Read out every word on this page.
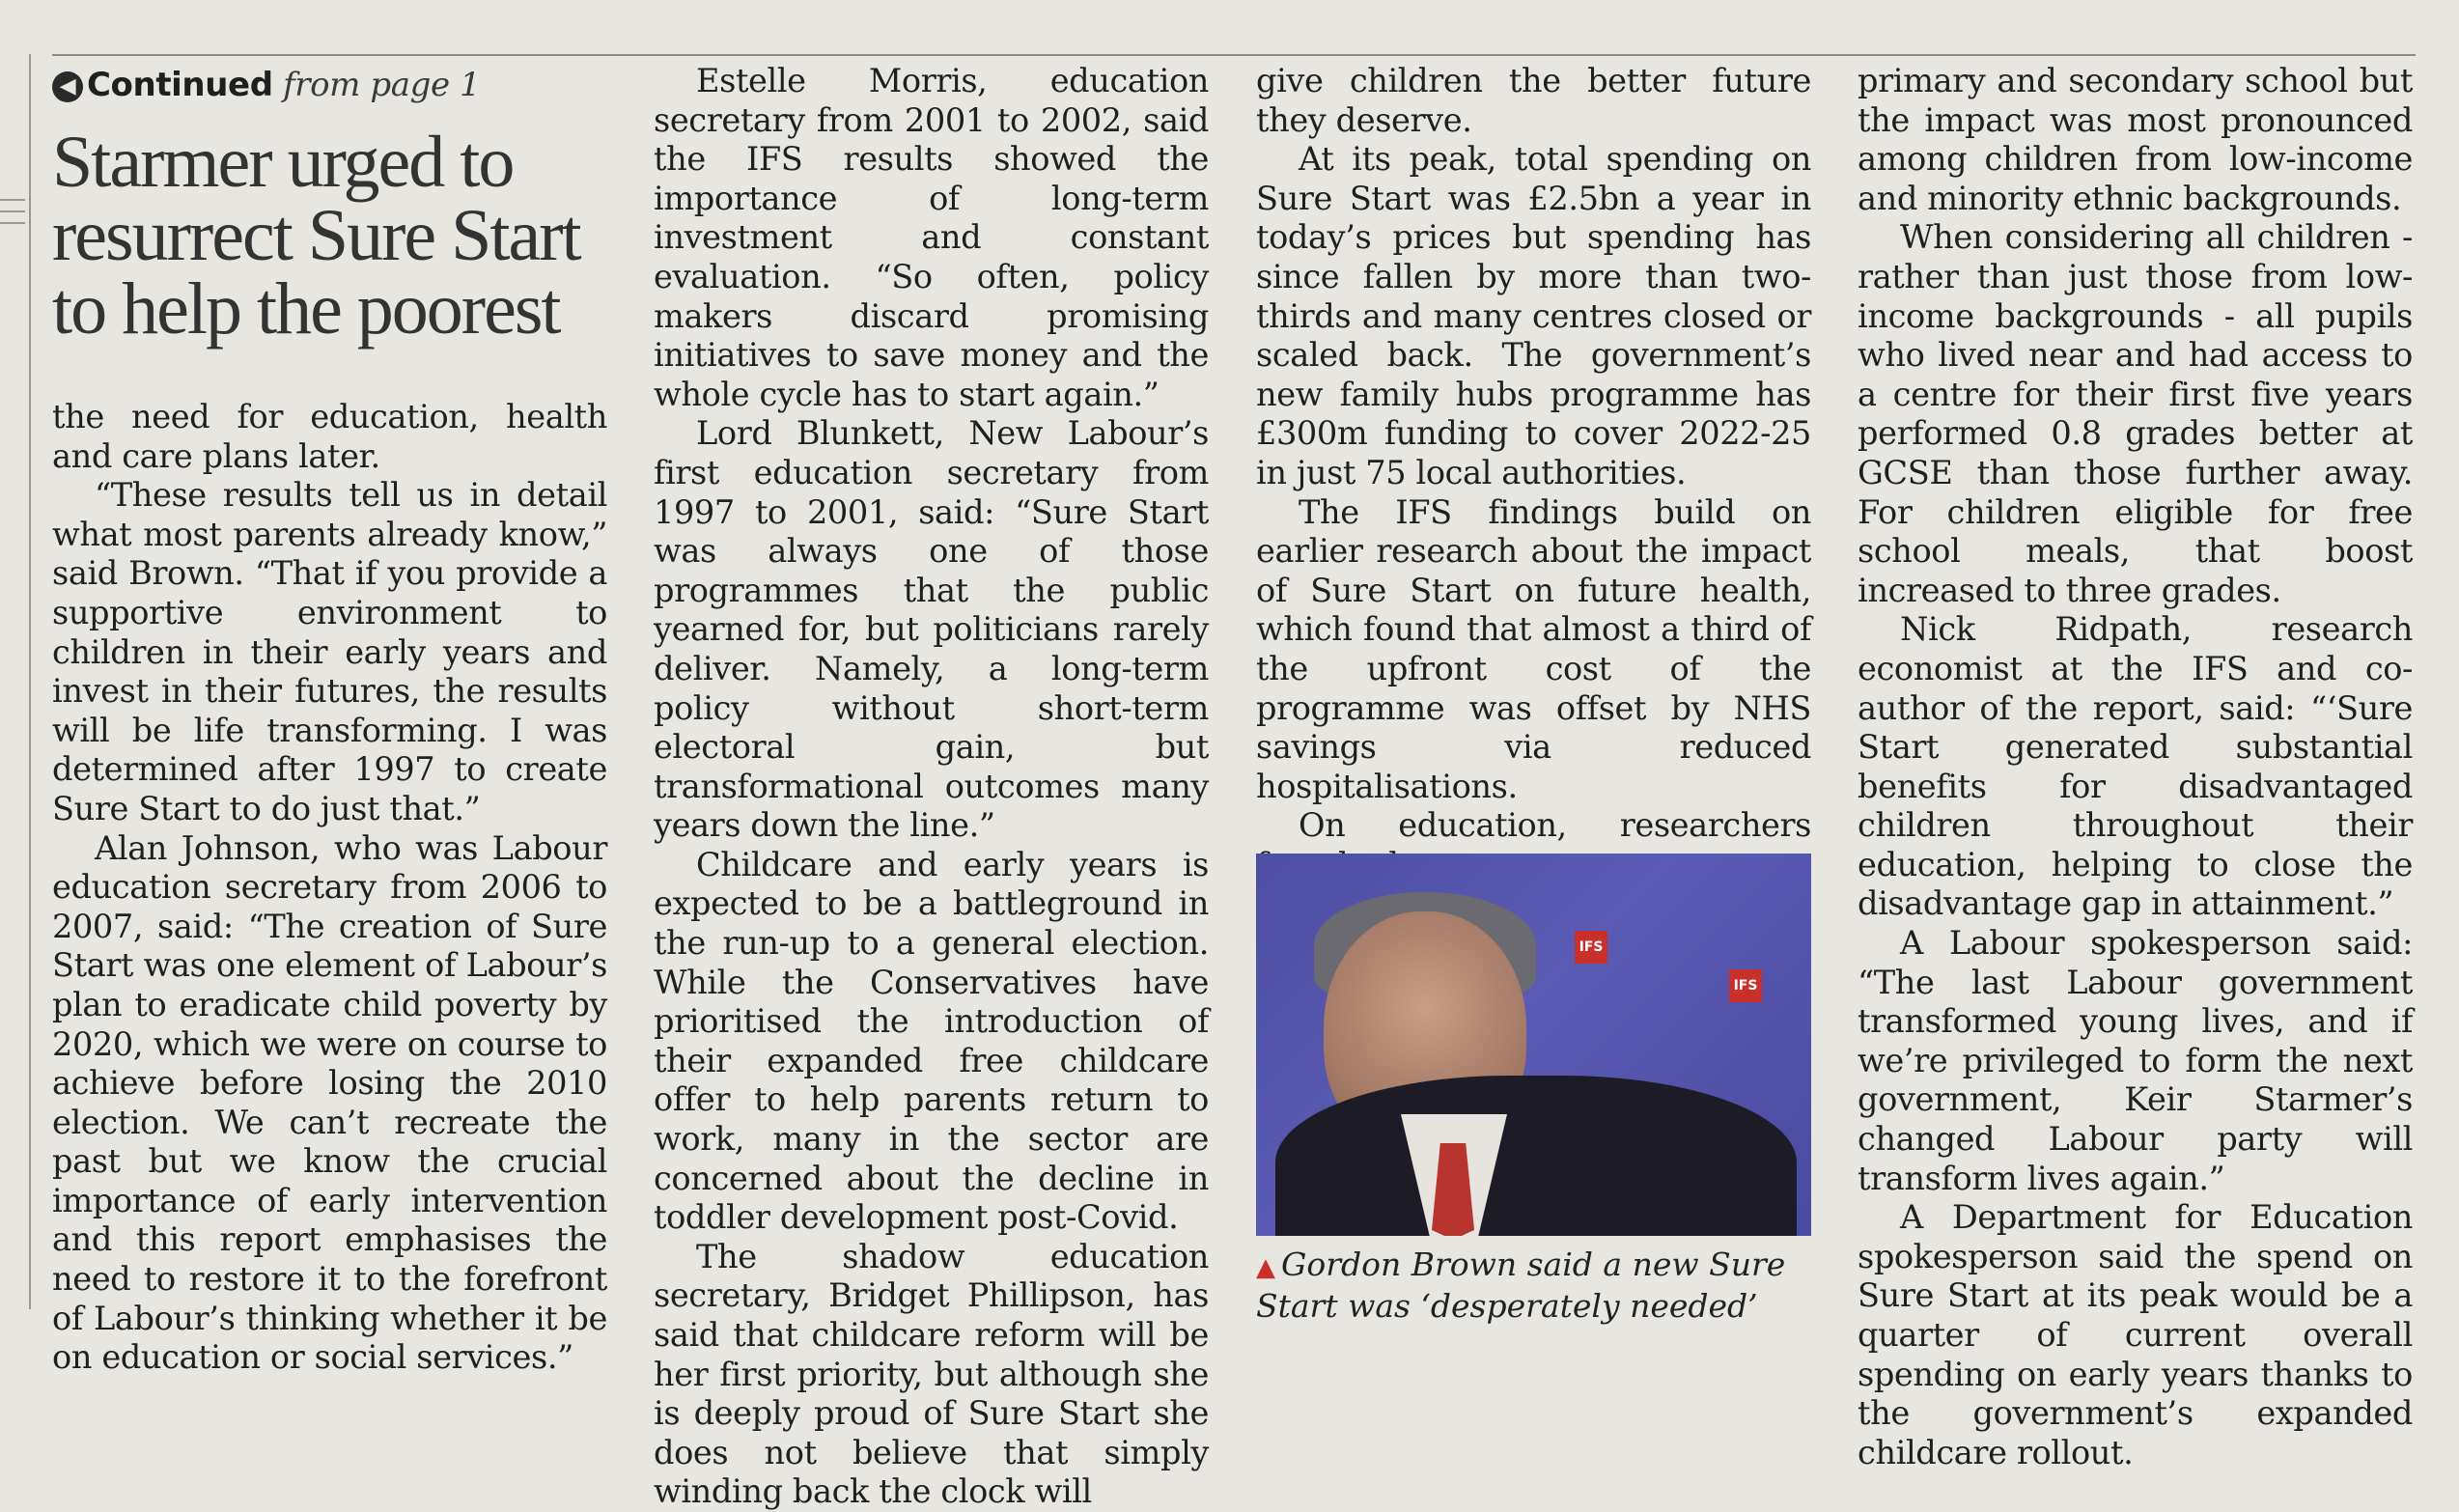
◀ Continued from page 1
Starmer urged to resurrect Sure Start to help the poorest

the need for education, health and care plans later.

“These results tell us in detail what most parents already know,” said Brown. “That if you provide a supportive environment to children in their early years and invest in their futures, the results will be life transforming. I was determined after 1997 to create Sure Start to do just that.”

Alan Johnson, who was Labour education secretary from 2006 to 2007, said: “The creation of Sure Start was one element of Labour’s plan to eradicate child poverty by 2020, which we were on course to achieve before losing the 2010 election. We can’t recreate the past but we know the crucial importance of early intervention and this report emphasises the need to restore it to the forefront of Labour’s thinking whether it be on education or social services.”

Estelle Morris, education secretary from 2001 to 2002, said the IFS results showed the importance of long-term investment and constant evaluation. “So often, policy makers discard promising initiatives to save money and the whole cycle has to start again.”

Lord Blunkett, New Labour’s first education secretary from 1997 to 2001, said: “Sure Start was always one of those programmes that the public yearned for, but politicians rarely deliver. Namely, a long-term policy without short-term electoral gain, but transformational outcomes many years down the line.”

Childcare and early years is expected to be a battleground in the run-up to a general election. While the Conservatives have prioritised the introduction of their expanded free childcare offer to help parents return to work, many in the sector are concerned about the decline in toddler development post-Covid.

The shadow education secretary, Bridget Phillipson, has said that childcare reform will be her first priority, but although she is deeply proud of Sure Start she does not believe that simply winding back the clock will

give children the better future they deserve.

At its peak, total spending on Sure Start was £2.5bn a year in today’s prices but spending has since fallen by more than two-thirds and many centres closed or scaled back. The government’s new family hubs programme has £300m funding to cover 2022-25 in just 75 local authorities.

The IFS findings build on earlier research about the impact of Sure Start on future health, which found that almost a third of the upfront cost of the programme was offset by NHS savings via reduced hospitalisations.

On education, researchers

IFS
IFS
▲ Gordon Brown said a new Sure Start was ‘desperately needed’

primary and secondary school but the impact was most pronounced among children from low-income and minority ethnic backgrounds.

When considering all children - rather than just those from low-income backgrounds - all pupils who lived near and had access to a centre for their first five years performed 0.8 grades better at GCSE than those further away. For children eligible for free school meals, that boost increased to three grades.

Nick Ridpath, research economist at the IFS and co-author of the report, said: “‘Sure Start generated substantial benefits for disadvantaged children throughout their education, helping to close the disadvantage gap in attainment.”

A Labour spokesperson said: “The last Labour government transformed young lives, and if we’re privileged to form the next government, Keir Starmer’s changed Labour party will transform lives again.”

A Department for Education spokesperson said the spend on Sure Start at its peak would be a quarter of current overall spending on early years thanks to the government’s expanded childcare rollout.
